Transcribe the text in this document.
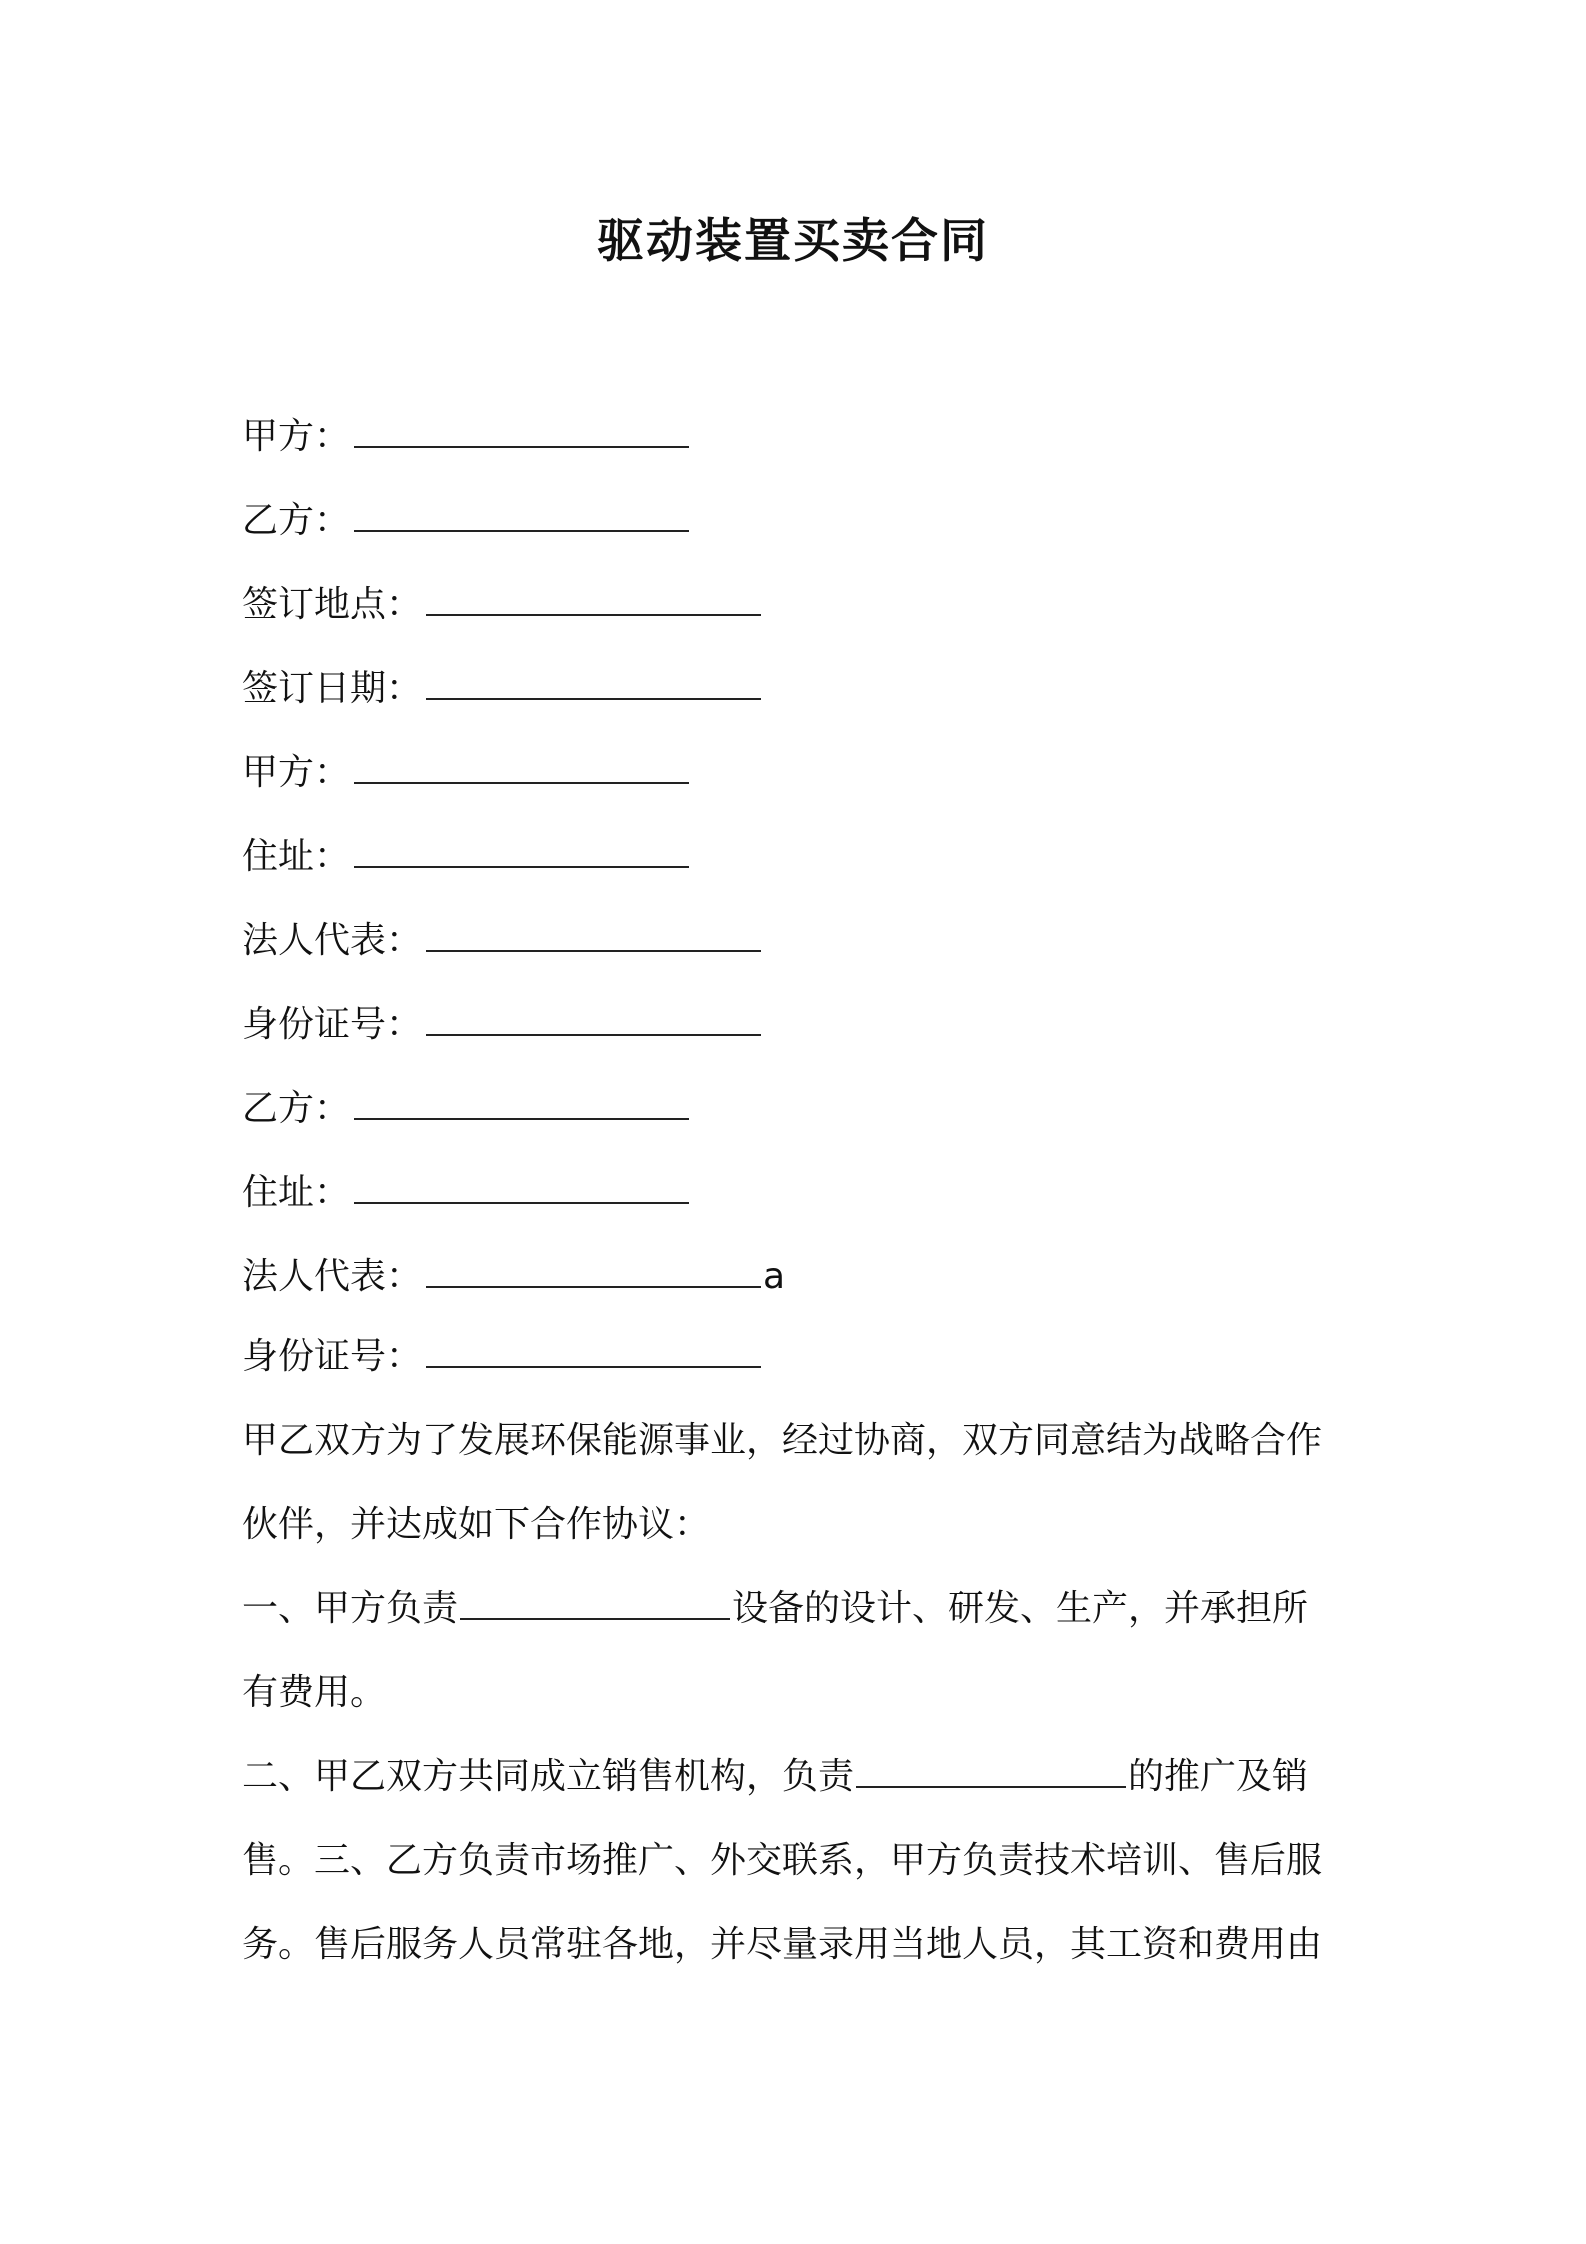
驱动装置买卖合同
甲方：
乙方：
签订地点：
签订日期：
甲方：
住址：
法人代表：
身份证号：
乙方：
住址：
法人代表：	a
身份证号：
甲乙双方为了发展环保能源事业，经过协商，双方同意结为战略合作
伙伴，并达成如下合作协议：
一、甲方负责	设备的设计、研发、生产，并承担所
有费用。
二、甲乙双方共同成立销售机构，负责	的推广及销
售。三、乙方负责市场推广、外交联系，甲方负责技术培训、售后服
务。售后服务人员常驻各地，并尽量录用当地人员，其工资和费用由
